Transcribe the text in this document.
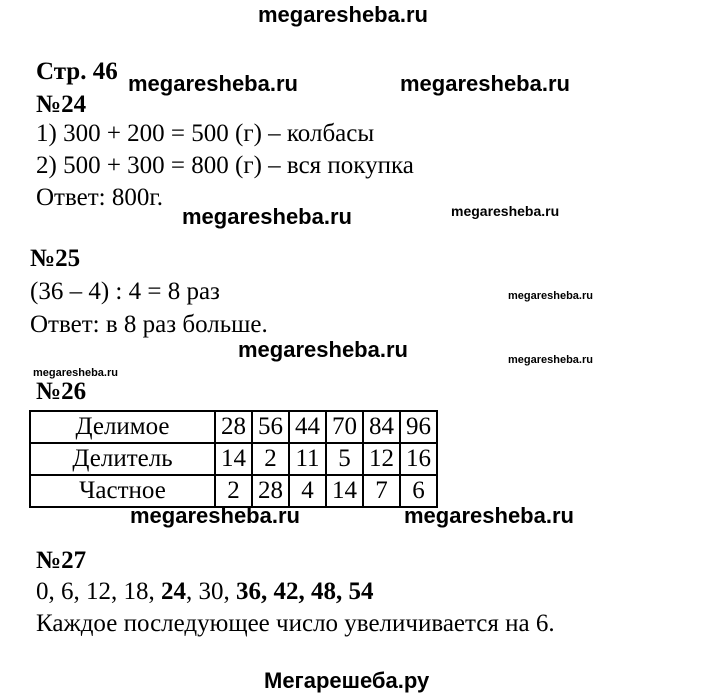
megaresheba.ru
Стр. 46 megaresheba.ru	megaresheba.ru
megaresheba.ru	megaresheba.ru
megaresheba.ru
megaresheba.ru
megaresheba.ru
megaresheba.ru
megaresheba.ru	megaresheba.ru
№24
1) 300 + 200 = 500 (г) – колбасы
2) 500 + 300 = 800 (г) – вся покупка
Ответ: 800г.
№25
(36 – 4) : 4 = 8 раз
Ответ: в 8 раз больше.
№26
Делимое	28	56	44	70	84	96
Делитель	14	2	11	5	12	16
Частное	2	28	4	14	7	6
№27
0, 6, 12, 18, 24, 30, 36, 42, 48, 54
Каждое последующее число увеличивается на 6.
Мегарешеба.ру
